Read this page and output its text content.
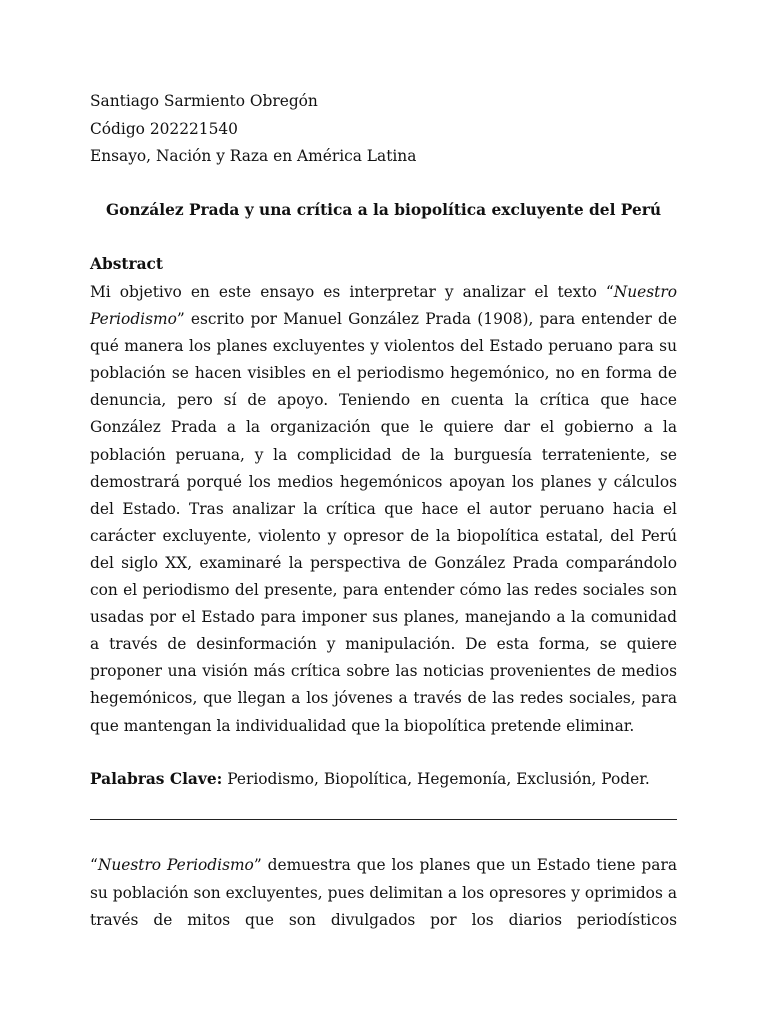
Santiago Sarmiento Obregón

Código 202221540

Ensayo, Nación y Raza en América Latina

González Prada y una crítica a la biopolítica excluyente del Perú

Abstract

Mi objetivo en este ensayo es interpretar y analizar el texto “Nuestro Periodismo” escrito por Manuel González Prada (1908), para entender de qué manera los planes excluyentes y violentos del Estado peruano para su población se hacen visibles en el periodismo hegemónico, no en forma de denuncia, pero sí de apoyo. Teniendo en cuenta la crítica que hace González Prada a la organización que le quiere dar el gobierno a la población peruana, y la complicidad de la burguesía terrateniente, se demostrará porqué los medios hegemónicos apoyan los planes y cálculos del Estado. Tras analizar la crítica que hace el autor peruano hacia el carácter excluyente, violento y opresor de la biopolítica estatal, del Perú del siglo XX, examinaré la perspectiva de González Prada comparándolo con el periodismo del presente, para entender cómo las redes sociales son usadas por el Estado para imponer sus planes, manejando a la comunidad a través de desinformación y manipulación. De esta forma, se quiere proponer una visión más crítica sobre las noticias provenientes de medios hegemónicos, que llegan a los jóvenes a través de las redes sociales, para que mantengan la individualidad que la biopolítica pretende eliminar.

Palabras Clave: Periodismo, Biopolítica, Hegemonía, Exclusión, Poder.

“Nuestro Periodismo” demuestra que los planes que un Estado tiene para su población son excluyentes, pues delimitan a los opresores y oprimidos a través de mitos que son divulgados por los diarios periodísticos
